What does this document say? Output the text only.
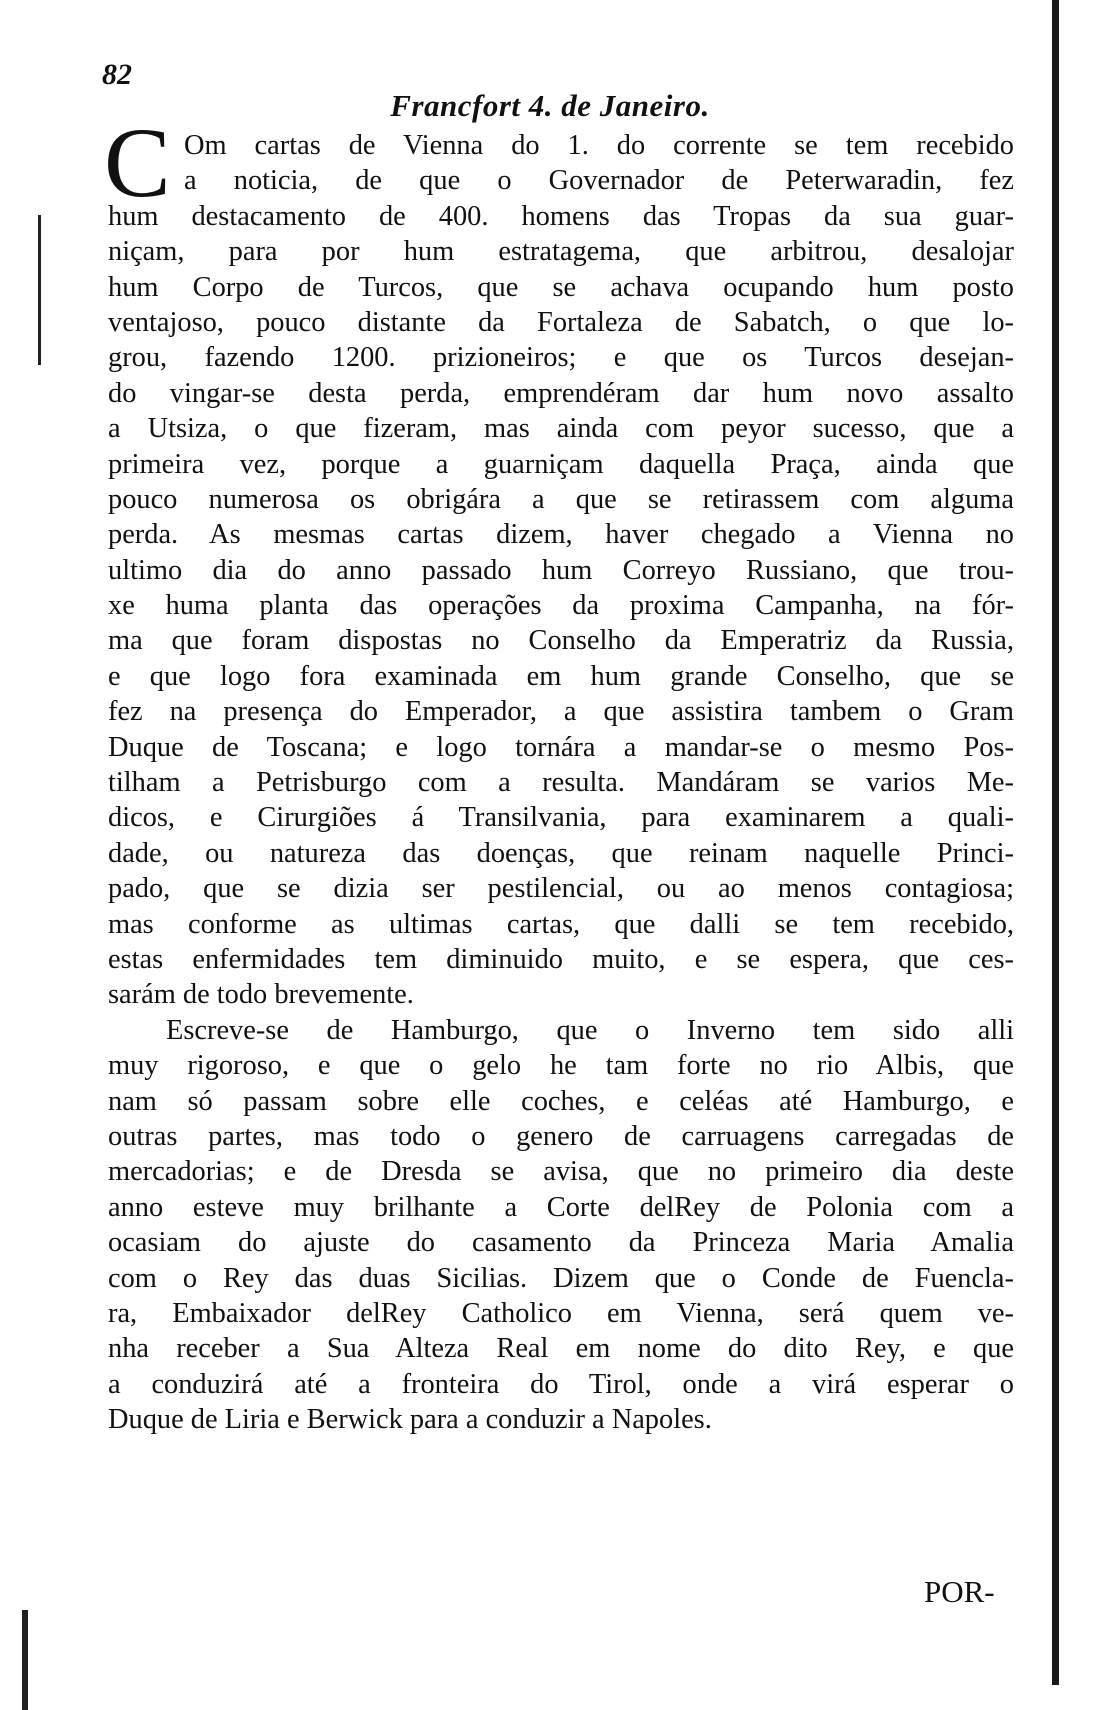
82
Francfort 4. de Janeiro.
C Om cartas de Vienna do 1. do corrente se tem recebido
a noticia, de que o Governador de Peterwaradin, fez
hum destacamento de 400. homens das Tropas da sua guar-
niçam, para por hum estratagema, que arbitrou, desalojar
hum Corpo de Turcos, que se achava ocupando hum posto
ventajoso, pouco distante da Fortaleza de Sabatch, o que lo-
grou, fazendo 1200. prizioneiros; e que os Turcos desejan-
do vingar-se desta perda, emprendéram dar hum novo assalto
a Utsiza, o que fizeram, mas ainda com peyor sucesso, que a
primeira vez, porque a guarniçam daquella Praça, ainda que
pouco numerosa os obrigára a que se retirassem com alguma
perda. As mesmas cartas dizem, haver chegado a Vienna no
ultimo dia do anno passado hum Correyo Russiano, que trou-
xe huma planta das operações da proxima Campanha, na fór-
ma que foram dispostas no Conselho da Emperatriz da Russia,
e que logo fora examinada em hum grande Conselho, que se
fez na presença do Emperador, a que assistira tambem o Gram
Duque de Toscana; e logo tornára a mandar-se o mesmo Pos-
tilham a Petrisburgo com a resulta. Mandáram se varios Me-
dicos, e Cirurgiões á Transilvania, para examinarem a quali-
dade, ou natureza das doenças, que reinam naquelle Princi-
pado, que se dizia ser pestilencial, ou ao menos contagiosa;
mas conforme as ultimas cartas, que dalli se tem recebido,
estas enfermidades tem diminuido muito, e se espera, que ces-
sarám de todo brevemente.
Escreve-se de Hamburgo, que o Inverno tem sido alli
muy rigoroso, e que o gelo he tam forte no rio Albis, que
nam só passam sobre elle coches, e celéas até Hamburgo, e
outras partes, mas todo o genero de carruagens carregadas de
mercadorias; e de Dresda se avisa, que no primeiro dia deste
anno esteve muy brilhante a Corte delRey de Polonia com a
ocasiam do ajuste do casamento da Princeza Maria Amalia
com o Rey das duas Sicilias. Dizem que o Conde de Fuencla-
ra, Embaixador delRey Catholico em Vienna, será quem ve-
nha receber a Sua Alteza Real em nome do dito Rey, e que
a conduzirá até a fronteira do Tirol, onde a virá esperar o
Duque de Liria e Berwick para a conduzir a Napoles.
POR-
